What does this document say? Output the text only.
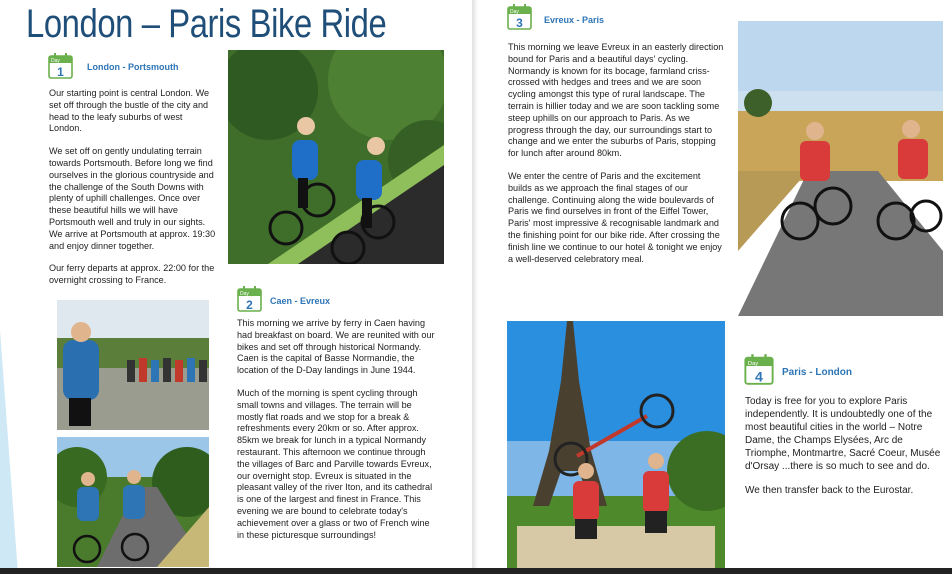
London – Paris Bike Ride
Day
1	London - Portsmouth

Our starting point is central London. We set off through the bustle of the city and head to the leafy suburbs of west London.

We set off on gently undulating terrain towards Portsmouth. Before long we find ourselves in the glorious countryside and the challenge of the South Downs with plenty of uphill challenges. Once over these beautiful hills we will have Portsmouth well and truly in our sights. We arrive at Portsmouth at approx. 19:30 and enjoy dinner together.

Our ferry departs at approx. 22:00 for the overnight crossing to France.

Day
2 Caen - Evreux

This morning we arrive by ferry in Caen having had breakfast on board. We are reunited with our bikes and set off through historical Normandy. Caen is the capital of Basse Normandie, the location of the D-Day landings in June 1944.

Much of the morning is spent cycling through small towns and villages. The terrain will be mostly flat roads and we stop for a break & refreshments every 20km or so. After approx. 85km we break for lunch in a typical Normandy restaurant. This afternoon we continue through the villages of Barc and Parville towards Evreux, our overnight stop. Evreux is situated in the pleasant valley of the river Iton, and its cathedral is one of the largest and finest in France. This evening we are bound to celebrate today's achievement over a glass or two of French wine in these picturesque surroundings!

Day
3 Evreux - Paris

This morning we leave Evreux in an easterly direction bound for Paris and a beautiful days' cycling. Normandy is known for its bocage, farmland criss-crossed with hedges and trees and we are soon cycling amongst this type of rural landscape. The terrain is hillier today and we are soon tackling some steep uphills on our approach to Paris. As we progress through the day, our surroundings start to change and we enter the suburbs of Paris, stopping for lunch after around 80km.

We enter the centre of Paris and the excitement builds as we approach the final stages of our challenge. Continuing along the wide boulevards of Paris we find ourselves in front of the Eiffel Tower, Paris' most impressive & recognisable landmark and the finishing point for our bike ride. After crossing the finish line we continue to our hotel & tonight we enjoy a well-deserved celebratory meal.

Day
4 Paris - London

Today is free for you to explore Paris independently. It is undoubtedly one of the most beautiful cities in the world – Notre Dame, the Champs Elysées, Arc de Triomphe, Montmartre, Sacré Coeur, Musée d'Orsay ...there is so much to see and do.

We then transfer back to the Eurostar.
